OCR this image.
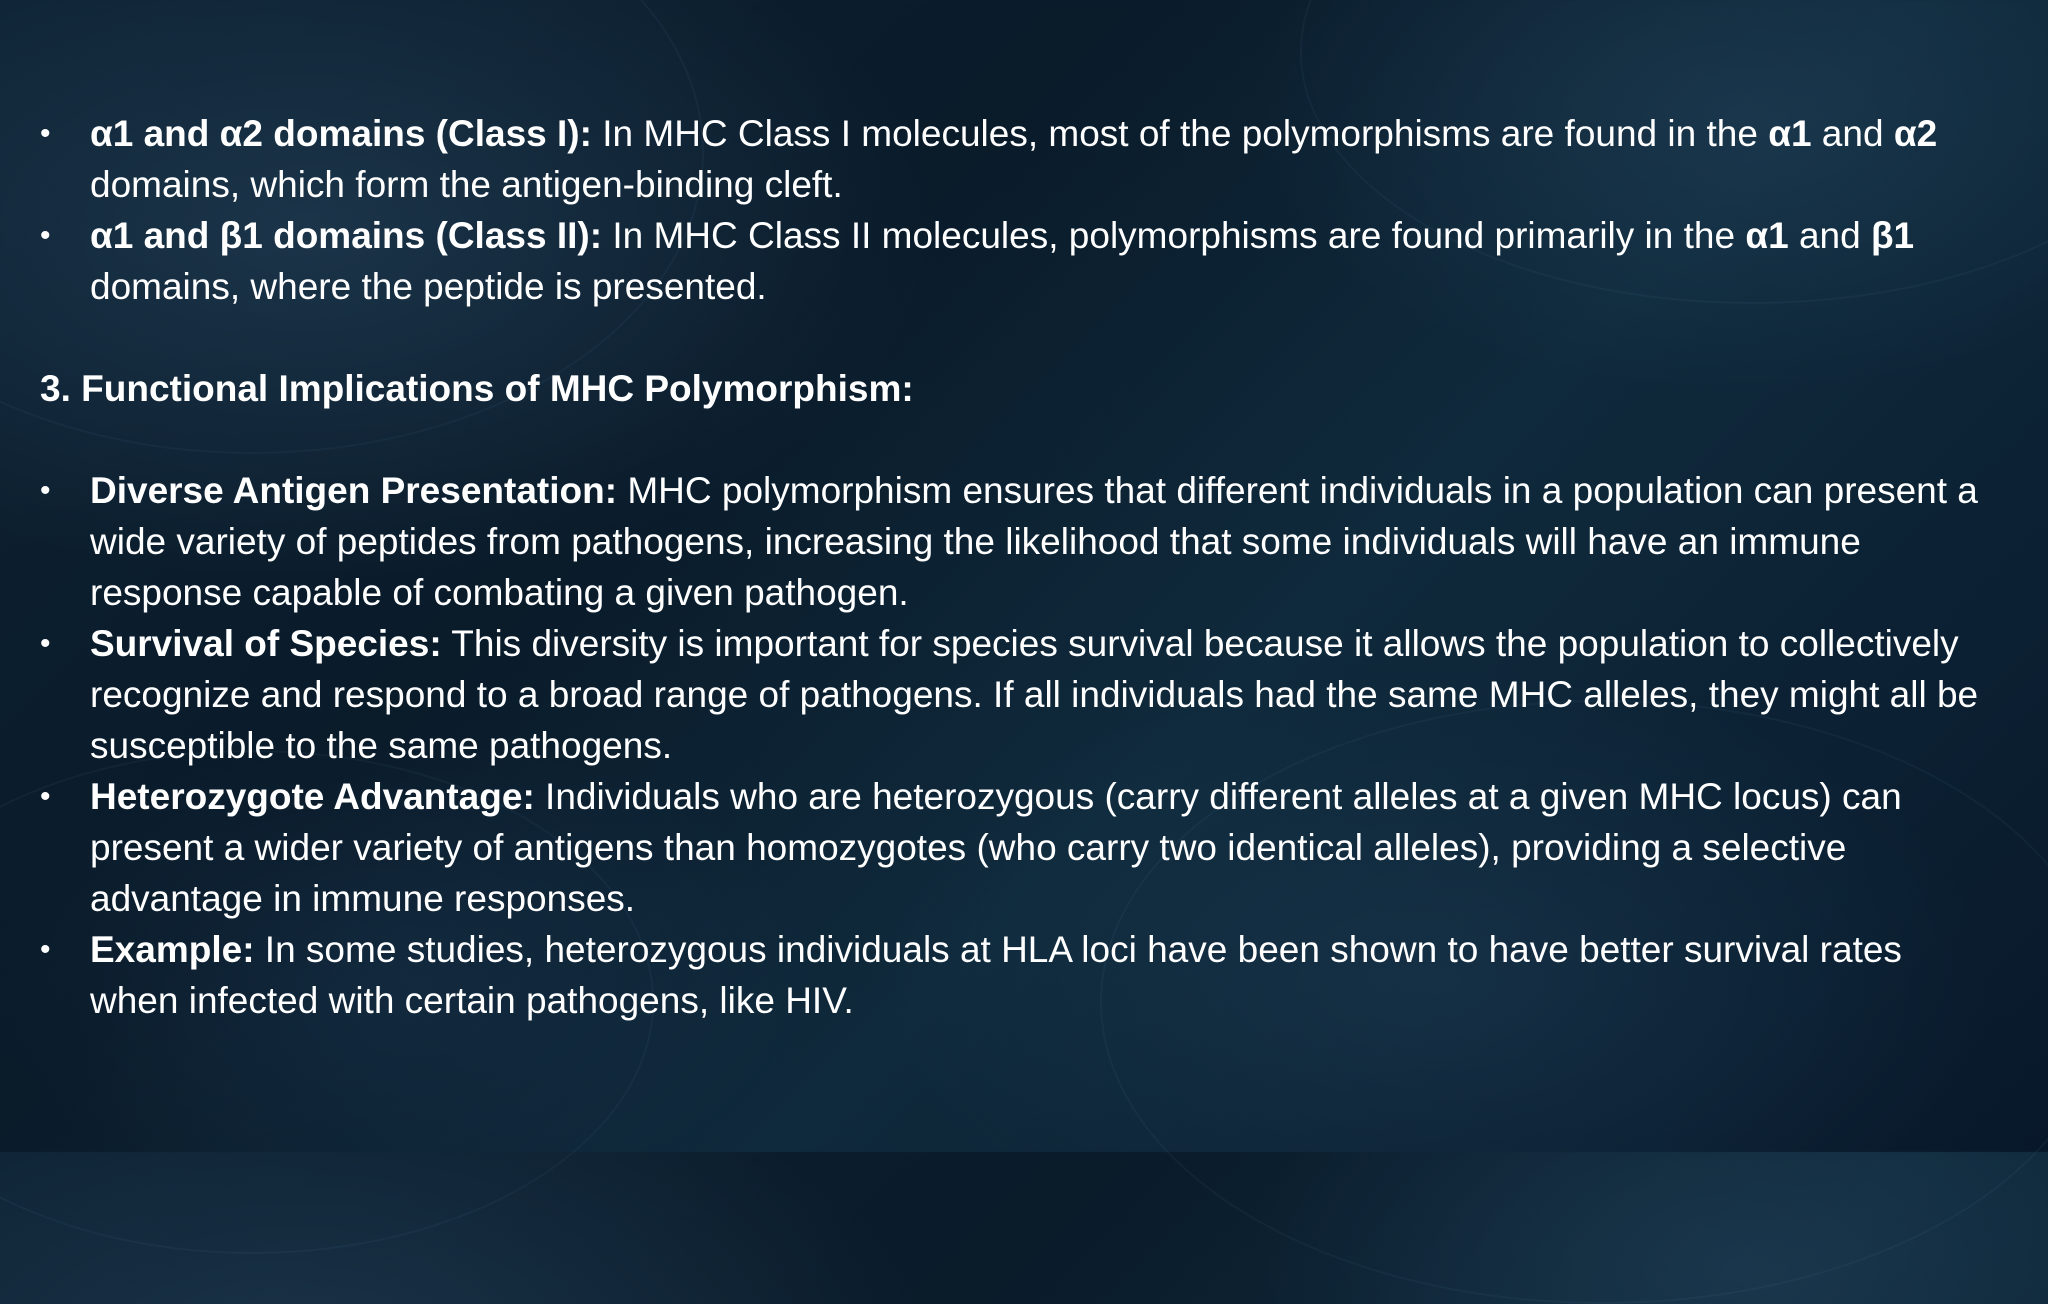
•	α1 and α2 domains (Class I): In MHC Class I molecules, most of the polymorphisms are found in the α1 and α2 domains, which form the antigen-binding cleft.
•	α1 and β1 domains (Class II): In MHC Class II molecules, polymorphisms are found primarily in the α1 and β1 domains, where the peptide is presented.

3. Functional Implications of MHC Polymorphism:

•	Diverse Antigen Presentation: MHC polymorphism ensures that different individuals in a population can present a wide variety of peptides from pathogens, increasing the likelihood that some individuals will have an immune response capable of combating a given pathogen.
•	Survival of Species: This diversity is important for species survival because it allows the population to collectively recognize and respond to a broad range of pathogens. If all individuals had the same MHC alleles, they might all be susceptible to the same pathogens.
•	Heterozygote Advantage: Individuals who are heterozygous (carry different alleles at a given MHC locus) can present a wider variety of antigens than homozygotes (who carry two identical alleles), providing a selective advantage in immune responses.
•	Example: In some studies, heterozygous individuals at HLA loci have been shown to have better survival rates when infected with certain pathogens, like HIV.
